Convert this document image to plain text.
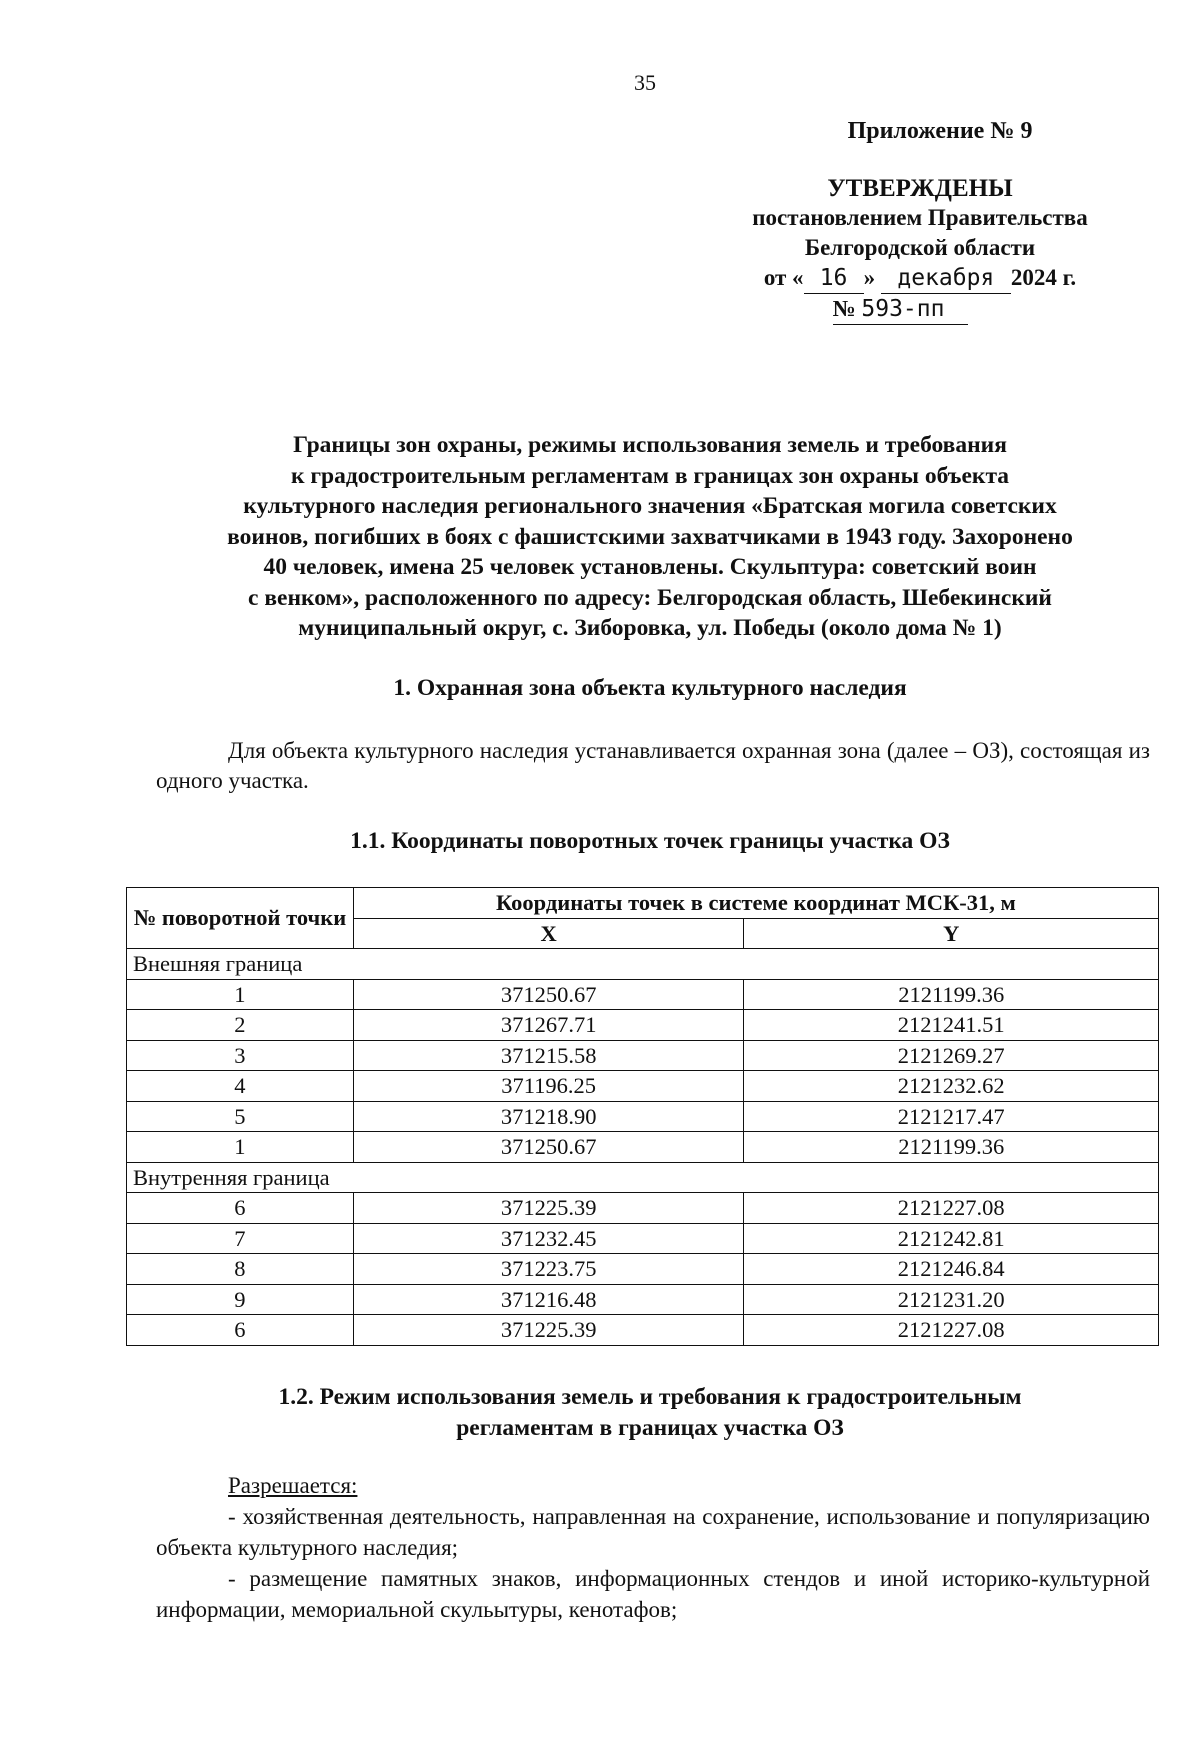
35
Приложение № 9
УТВЕРЖДЕНЫ
постановлением Правительства
Белгородской области
от « 16 » декабря 2024 г.
№ 593-пп
Границы зон охраны, режимы использования земель и требования
к градостроительным регламентам в границах зон охраны объекта
культурного наследия регионального значения «Братская могила советских
воинов, погибших в боях с фашистскими захватчиками в 1943 году. Захоронено
40 человек, имена 25 человек установлены. Скульптура: советский воин
с венком», расположенного по адресу: Белгородская область, Шебекинский
муниципальный округ, с. Зиборовка, ул. Победы (около дома № 1)
1. Охранная зона объекта культурного наследия
Для объекта культурного наследия устанавливается охранная зона (далее – ОЗ), состоящая из одного участка.
1.1. Координаты поворотных точек границы участка ОЗ
№ поворотной точки	Координаты точек в системе координат МСК-31, м	
	X	Y
Внешняя граница		
1	371250.67	2121199.36
2	371267.71	2121241.51
3	371215.58	2121269.27
4	371196.25	2121232.62
5	371218.90	2121217.47
1	371250.67	2121199.36
Внутренняя граница		
6	371225.39	2121227.08
7	371232.45	2121242.81
8	371223.75	2121246.84
9	371216.48	2121231.20
6	371225.39	2121227.08
1.2. Режим использования земель и требования к градостроительным
регламентам в границах участка ОЗ
Разрешается:
- хозяйственная деятельность, направленная на сохранение, использование и популяризацию объекта культурного наследия;
- размещение памятных знаков, информационных стендов и иной историко-культурной информации, мемориальной скульытуры, кенотафов;
